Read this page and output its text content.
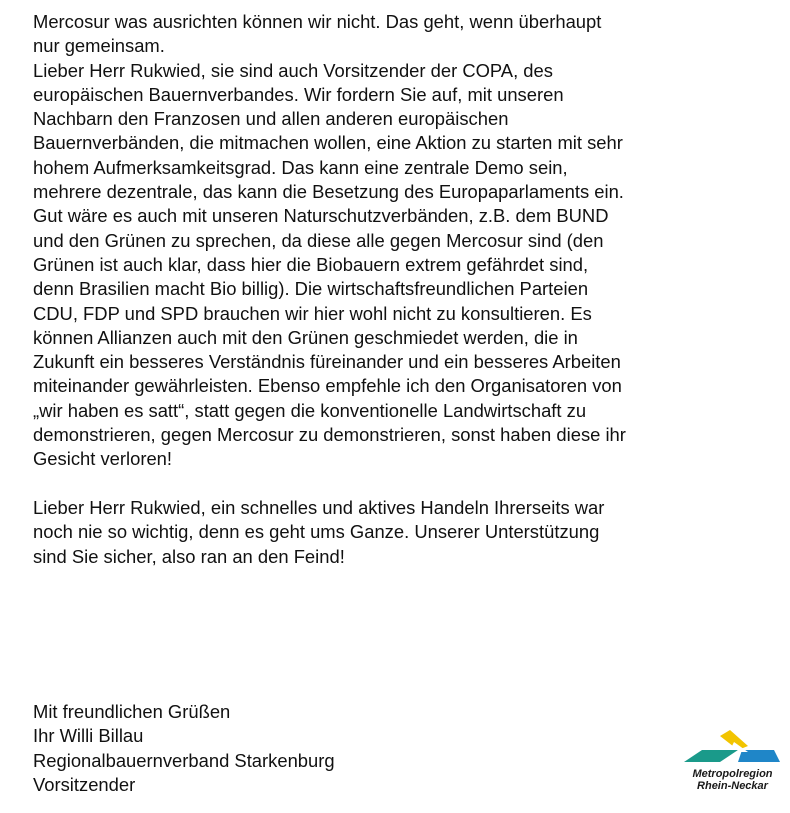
Mercosur was ausrichten können wir nicht. Das geht, wenn überhaupt
nur gemeinsam.
Lieber Herr Rukwied, sie sind auch Vorsitzender der COPA, des
europäischen Bauernverbandes. Wir fordern Sie auf, mit unseren
Nachbarn den Franzosen und allen anderen europäischen
Bauernverbänden, die mitmachen wollen, eine Aktion zu starten mit sehr
hohem Aufmerksamkeitsgrad. Das kann eine zentrale Demo sein,
mehrere dezentrale, das kann die Besetzung des Europaparlaments ein.
Gut wäre es auch mit unseren Naturschutzverbänden, z.B. dem BUND
und den Grünen zu sprechen, da diese alle gegen Mercosur sind (den
Grünen ist auch klar, dass hier die Biobauern extrem gefährdet sind,
denn Brasilien macht Bio billig). Die wirtschaftsfreundlichen Parteien
CDU, FDP und SPD brauchen wir hier wohl nicht zu konsultieren. Es
können Allianzen auch mit den Grünen geschmiedet werden, die in
Zukunft ein besseres Verständnis füreinander und ein besseres Arbeiten
miteinander gewährleisten. Ebenso empfehle ich den Organisatoren von
„wir haben es satt“, statt gegen die konventionelle Landwirtschaft zu
demonstrieren, gegen Mercosur zu demonstrieren, sonst haben diese ihr
Gesicht verloren!
Lieber Herr Rukwied, ein schnelles und aktives Handeln Ihrerseits war
noch nie so wichtig, denn es geht ums Ganze. Unserer Unterstützung
sind Sie sicher, also ran an den Feind!
Mit freundlichen Grüßen
Ihr Willi Billau
Regionalbauernverband Starkenburg
Vorsitzender	Metropolregion
Rhein-Neckar
